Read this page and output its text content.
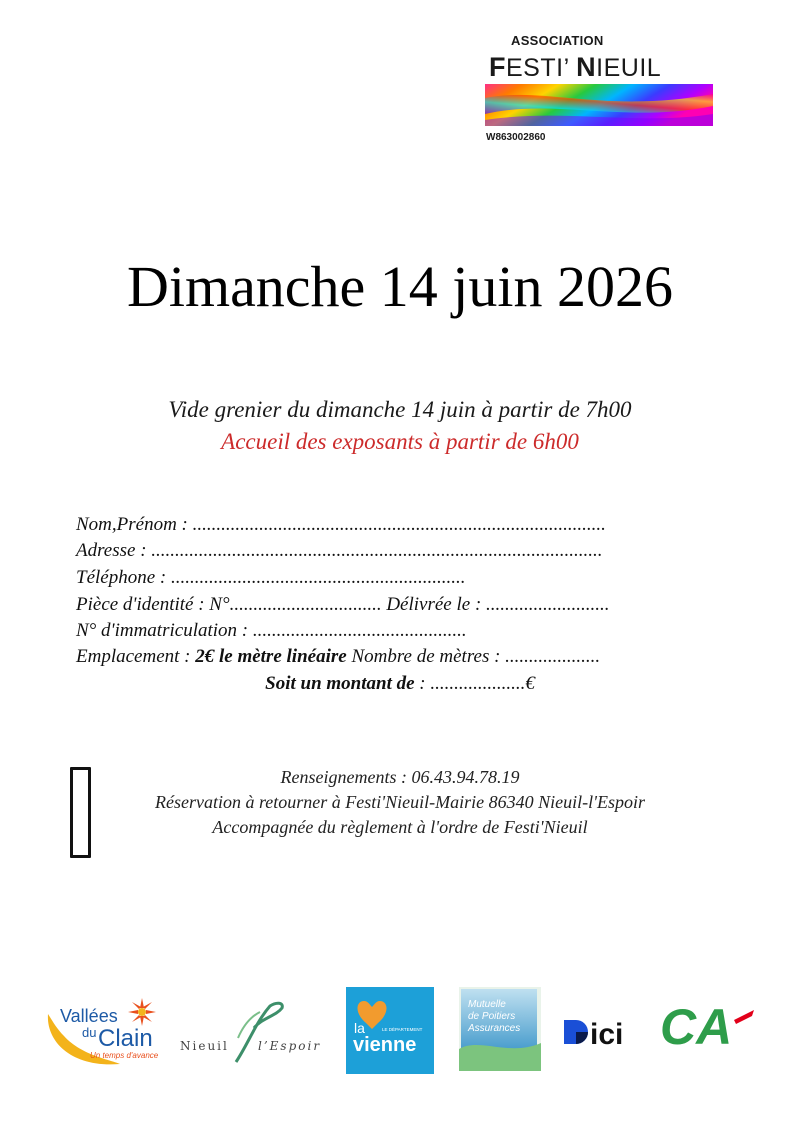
ASSOCIATION
FESTI’ NIEUIL
W863002860
Dimanche 14 juin 2026
Vide grenier du dimanche 14 juin à partir de 7h00
Accueil des exposants à partir de 6h00
Nom,Prénom : .......................................................................................
Adresse : ...............................................................................................
Téléphone : ..............................................................
Pièce d'identité : N°................................ Délivrée le : ..........................
N° d'immatriculation : .............................................
Emplacement : 2€ le mètre linéaire Nombre de mètres : ....................
Soit un montant de : ....................€
Renseignements : 06.43.94.78.19
Réservation à retourner à Festi'Nieuil-Mairie 86340 Nieuil-l'Espoir
Accompagnée du règlement à l'ordre de Festi'Nieuil
Vallées
du Clain
Un temps d'avance
Nieuil l’Espoir
la	LE DÉPARTEMENT
vienne
Mutuelle
de Poitiers
Assurances ici CA
